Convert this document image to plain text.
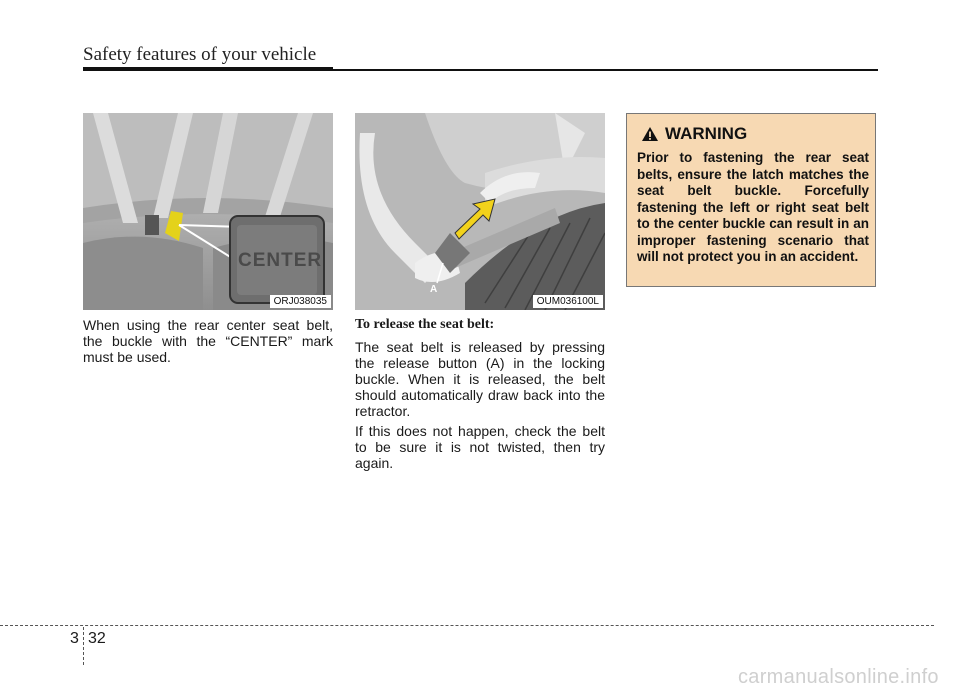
Safety features of your vehicle
CENTER
ORJ038035
A
OUM036100L

When using the rear center seat belt, the buckle with the “CENTER” mark must be used.

To release the seat belt:

The seat belt is released by pressing the release button (A) in the locking buckle. When it is released, the belt should automatically draw back into the retractor.

If this does not happen, check the belt to be sure it is not twisted, then try again.

WARNING

Prior to fastening the rear seat belts, ensure the latch matches the seat belt buckle. Forcefully fastening the left or right seat belt to the center buckle can result in an improper fastening scenario that will not protect you in an accident.

3 32
carmanualsonline.info
